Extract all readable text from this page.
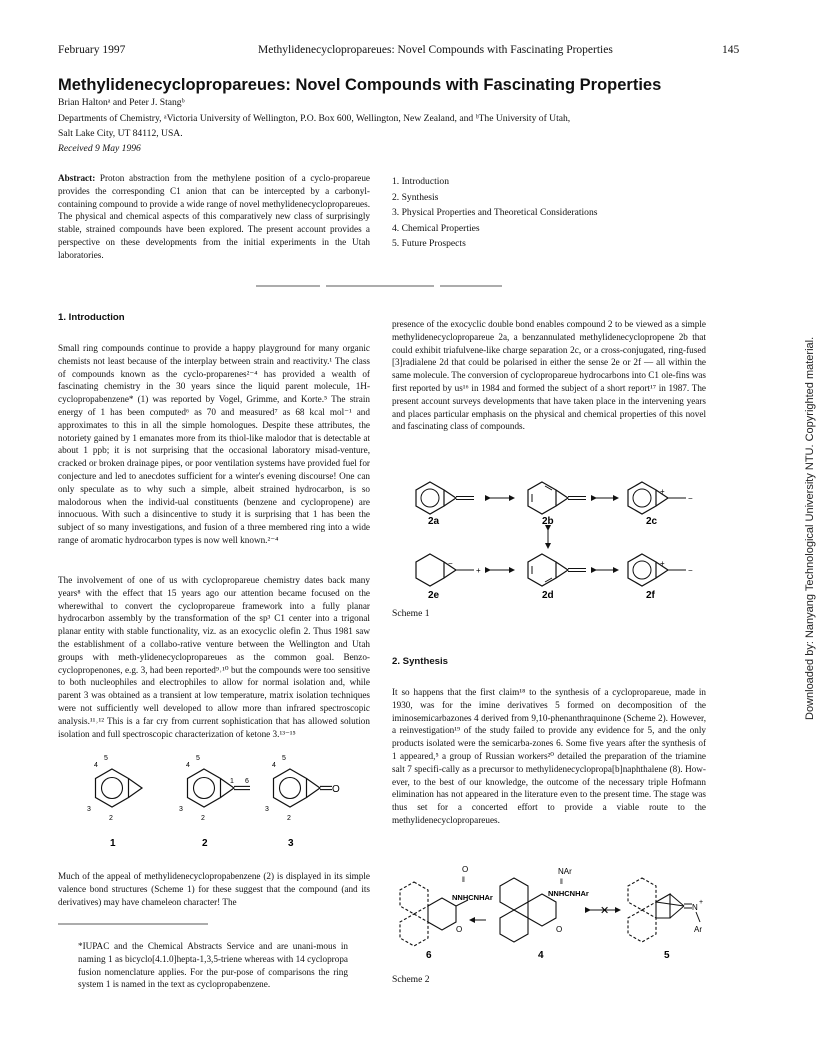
February 1997	Methylidenecyclopropareues: Novel Compounds with Fascinating Properties	145
Methylidenecyclopropareues: Novel Compounds with Fascinating Properties
Brian Haltonᵃ and Peter J. Stangᵇ
Departments of Chemistry, ᵃVictoria University of Wellington, P.O. Box 600, Wellington, New Zealand, and ᵇThe University of Utah,
Salt Lake City, UT 84112, USA.
Received 9 May 1996
Abstract: Proton abstraction from the methylene position of a cyclo-propareue provides the corresponding C1 anion that can be intercepted by a carbonyl-containing compound to provide a wide range of novel methylidenecyclopropareues. The physical and chemical aspects of this comparatively new class of surprisingly stable, strained compounds have been explored. The present account provides a perspective on these developments from the initial experiments in the Utah laboratories.
1. Introduction
2. Synthesis
3. Physical Properties and Theoretical Considerations
4. Chemical Properties
5. Future Prospects
1. Introduction
Small ring compounds continue to provide a happy playground for many organic chemists not least because of the interplay between strain and reactivity.¹ The class of compounds known as the cyclo-proparenes²⁻⁴ has provided a wealth of fascinating chemistry in the 30 years since the liquid parent molecule, 1H-cyclopropabenzene* (1) was reported by Vogel, Grimme, and Korte.⁵ The strain energy of 1 has been computed⁶ as 70 and measured⁷ as 68 kcal mol⁻¹ and approximates to this in all the simple homologues. Despite these attributes, the notoriety gained by 1 emanates more from its thiol-like malodor that is detectable at about 1 ppb; it is not surprising that the occasional laboratory misad-venture, cracked or broken drainage pipes, or poor ventilation systems have provided fuel for conjecture and led to anecdotes sufficient for a winter's evening discourse! One can only speculate as to why such a simple, albeit strained hydrocarbon, is so malodorous when the individ-ual constituents (benzene and cyclopropene) are innocuous. With such a disincentive to study it is surprising that 1 has been the subject of so many investigations, and fusion of a three membered ring into a wide range of aromatic hydrocarbon types is now well known.²⁻⁴
The involvement of one of us with cyclopropareue chemistry dates back many years⁸ with the effect that 15 years ago our attention became focused on the wherewithal to convert the cyclopropareue framework into a fully planar hydrocarbon assembly by the transformation of the sp³ C1 center into a trigonal planar entity with stable functionality, viz. as an exocyclic olefin 2. Thus 1981 saw the establishment of a collabo-rative venture between the Wellington and Utah groups with meth-ylidenecyclopropareues as the common goal. Benzo-cyclopropenones, e.g. 3, had been reported⁹˒¹⁰ but the compounds were too sensitive to both nucleophiles and electrophiles to allow for normal isolation and, while parent 3 was obtained as a transient at low temperature, matrix isolation techniques were not sufficiently well developed to allow more than infrared spectroscopic analysis.¹¹˒¹² This is a far cry from current sophistication that has allowed solution isolation and full spectroscopic characterization of ketone 3.¹³⁻¹⁵
4
5
3
2
4
5
3
2
1 6
4
5
3
2
O
1	2	3
Much of the appeal of methylidenecyclopropabenzene (2) is displayed in its simple valence bond structures (Scheme 1) for these suggest that the compound (and its derivatives) may have chameleon character! The
*IUPAC and the Chemical Abstracts Service and are unani-mous in naming 1 as bicyclo[4.1.0]hepta-1,3,5-triene whereas with 14 cyclopropa fusion nomenclature applies. For the pur-pose of comparisons the ring system 1 is named in the text as cyclopropabenzene.
presence of the exocyclic double bond enables compound 2 to be viewed as a simple methylidenecyclopropareue 2a, a benzannulated methylidenecyclopropene 2b that could exhibit triafulvene-like charge separation 2c, or a cross-conjugated, ring-fused [3]radialene 2d that could be polarised in either the sense 2e or 2f — all within the same molecule. The conversion of cyclopropareue hydrocarbons into C1 ole-fins was first reported by us¹⁶ in 1984 and formed the subject of a short report¹⁷ in 1987. The present account surveys developments that have taken place in the intervening years and places particular emphasis on the physical and chemical properties of this novel and fascinating class of compounds.
+
−
2a	2b	2c
−
+
+
−
2e	2d	2f
Scheme 1
2. Synthesis
It so happens that the first claim¹⁸ to the synthesis of a cyclopropareue, made in 1930, was for the imine derivatives 5 formed on decomposition of the iminosemicarbazones 4 derived from 9,10-phenanthraquinone (Scheme 2). However, a reinvestigation¹⁹ of the study failed to provide any evidence for 5, and the only products isolated were the semicarba-zones 6. Some five years after the synthesis of 1 appeared,⁵ a group of Russian workers²⁰ detailed the preparation of the triamine salt 7 specifi-cally as a precursor to methylidenecyclopropa[b]naphthalene (8). How-ever, to the best of our knowledge, the outcome of the necessary triple Hofmann elimination has not appeared in the literature even to the present time. The stage was thus set for a concerted effort to provide a viable route to the methylidenecyclopropareues.
O
‖
NNHCNHAr
O
NAr
‖
NNHCNHAr
O
✕	N
+
Ar
6	4	5
Scheme 2
Downloaded by: Nanyang Technological University NTU. Copyrighted material.
